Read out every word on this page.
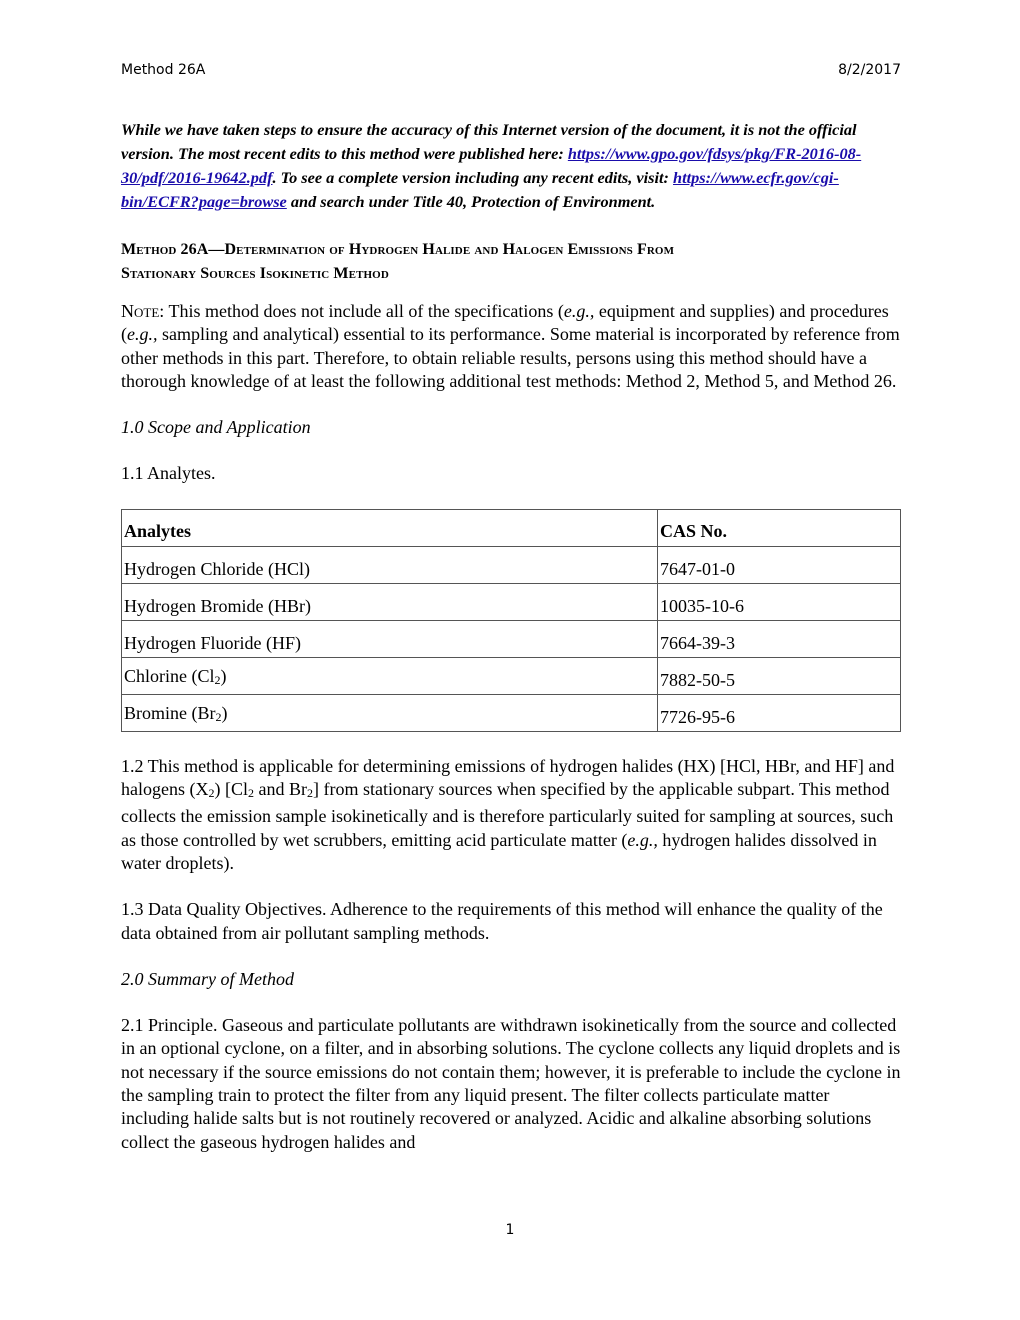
Method 26A	8/2/2017

While we have taken steps to ensure the accuracy of this Internet version of the document, it is not the official version. The most recent edits to this method were published here: https://www.gpo.gov/fdsys/pkg/FR-2016-08-30/pdf/2016-19642.pdf. To see a complete version including any recent edits, visit: https://www.ecfr.gov/cgi-bin/ECFR?page=browse and search under Title 40, Protection of Environment.

Method 26A—Determination of Hydrogen Halide and Halogen Emissions From
Stationary Sources Isokinetic Method

Note: This method does not include all of the specifications (e.g., equipment and supplies) and procedures (e.g., sampling and analytical) essential to its performance. Some material is incorporated by reference from other methods in this part. Therefore, to obtain reliable results, persons using this method should have a thorough knowledge of at least the following additional test methods: Method 2, Method 5, and Method 26.

1.0 Scope and Application

1.1 Analytes.

Analytes	CAS No.
Hydrogen Chloride (HCl)	7647-01-0
Hydrogen Bromide (HBr)	10035-10-6
Hydrogen Fluoride (HF)	7664-39-3
Chlorine $(Cl_2)$	7882-50-5
Bromine $(Br_2)$	7726-95-6

1.2 This method is applicable for determining emissions of hydrogen halides (HX) [HCl, HBr, and HF] and halogens $(X_2)$ [$Cl_2$ and $Br_2$] from stationary sources when specified by the applicable subpart. This method collects the emission sample isokinetically and is therefore particularly suited for sampling at sources, such as those controlled by wet scrubbers, emitting acid particulate matter (e.g., hydrogen halides dissolved in water droplets).

1.3 Data Quality Objectives. Adherence to the requirements of this method will enhance the quality of the data obtained from air pollutant sampling methods.

2.0 Summary of Method

2.1 Principle. Gaseous and particulate pollutants are withdrawn isokinetically from the source and collected in an optional cyclone, on a filter, and in absorbing solutions. The cyclone collects any liquid droplets and is not necessary if the source emissions do not contain them; however, it is preferable to include the cyclone in the sampling train to protect the filter from any liquid present. The filter collects particulate matter including halide salts but is not routinely recovered or analyzed. Acidic and alkaline absorbing solutions collect the gaseous hydrogen halides and

1
